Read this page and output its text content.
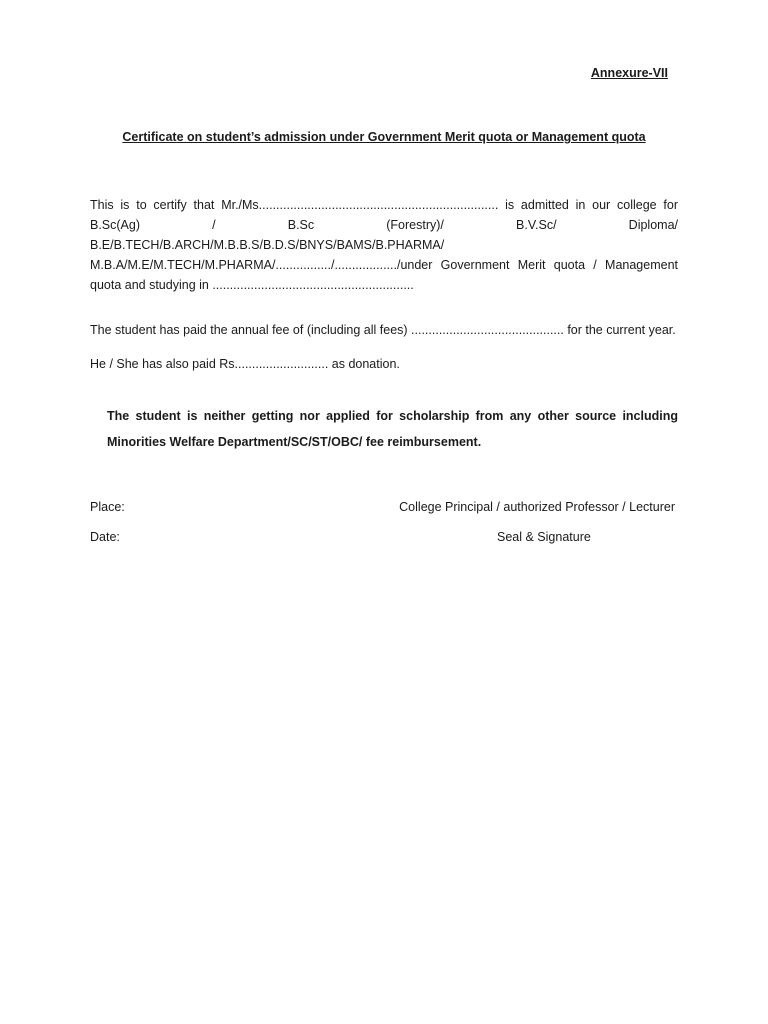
Annexure-VII
Certificate on student’s admission under Government Merit quota or Management quota
This is to certify that Mr./Ms..................................................................... is admitted in our college for B.Sc(Ag) / B.Sc (Forestry)/ B.V.Sc/ Diploma/ B.E/B.TECH/B.ARCH/M.B.B.S/B.D.S/BNYS/BAMS/B.PHARMA/ M.B.A/M.E/M.TECH/M.PHARMA/................/................../under Government Merit quota / Management quota and studying in ..........................................................
The student has paid the annual fee of (including all fees) ............................................ for the current year.
He / She has also paid Rs........................... as donation.
The student is neither getting nor applied for scholarship from any other source including Minorities Welfare Department/SC/ST/OBC/ fee reimbursement.
Place:	College Principal / authorized Professor / Lecturer
Date:	Seal & Signature
